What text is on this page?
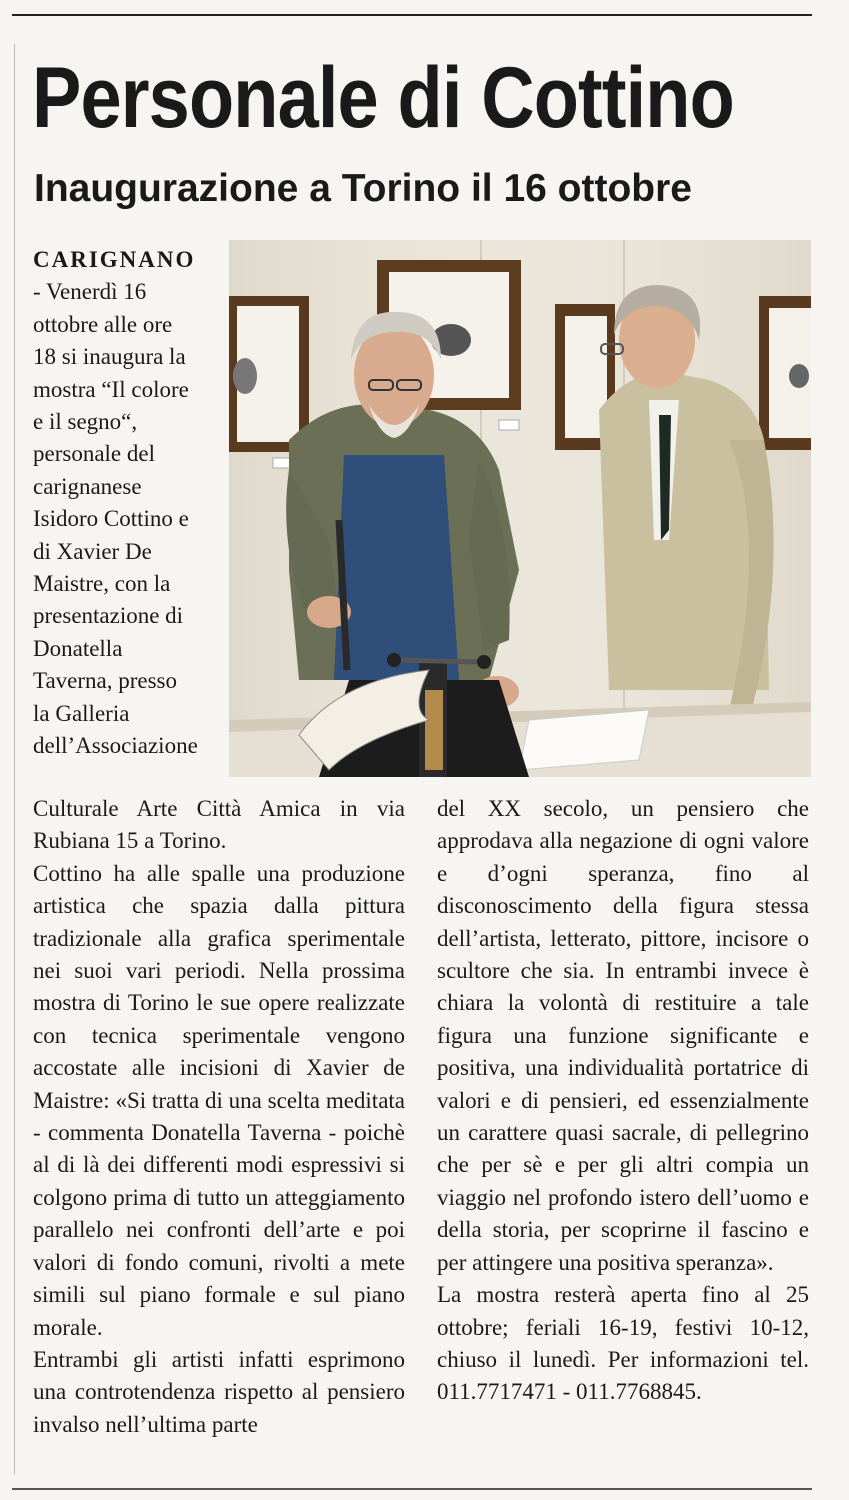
Personale di Cottino
Inaugurazione a Torino il 16 ottobre

CARIGNANO - Venerdì 16 ottobre alle ore 18 si inaugura la mostra “Il colore e il segno“, personale del carignanese Isidoro Cottino e di Xavier De Maistre, con la presentazione di Donatella Taverna, presso la Galleria dell’Associazione

Culturale Arte Città Amica in via Rubiana 15 a Torino.

Cottino ha alle spalle una produzione artistica che spazia dalla pittura tradizionale alla grafica sperimentale nei suoi vari periodi. Nella prossima mostra di Torino le sue opere realizzate con tecnica sperimentale vengono accostate alle incisioni di Xavier de Maistre: «Si tratta di una scelta meditata - commenta Donatella Taverna - poichè al di là dei differenti modi espressivi si colgono prima di tutto un atteggiamento parallelo nei confronti dell’arte e poi valori di fondo comuni, rivolti a mete simili sul piano formale e sul piano morale.

Entrambi gli artisti infatti esprimono una controtendenza rispetto al pensiero invalso nell’ultima parte

del XX secolo, un pensiero che approdava alla negazione di ogni valore e d’ogni speranza, fino al disconoscimento della figura stessa dell’artista, letterato, pittore, incisore o scultore che sia. In entrambi invece è chiara la volontà di restituire a tale figura una funzione significante e positiva, una individualità portatrice di valori e di pensieri, ed essenzialmente un carattere quasi sacrale, di pellegrino che per sè e per gli altri compia un viaggio nel profondo istero dell’uomo e della storia, per scoprirne il fascino e per attingere una positiva speranza».

La mostra resterà aperta fino al 25 ottobre; feriali 16-19, festivi 10-12, chiuso il lunedì. Per informazioni tel. 011.7717471 - 011.7768845.
